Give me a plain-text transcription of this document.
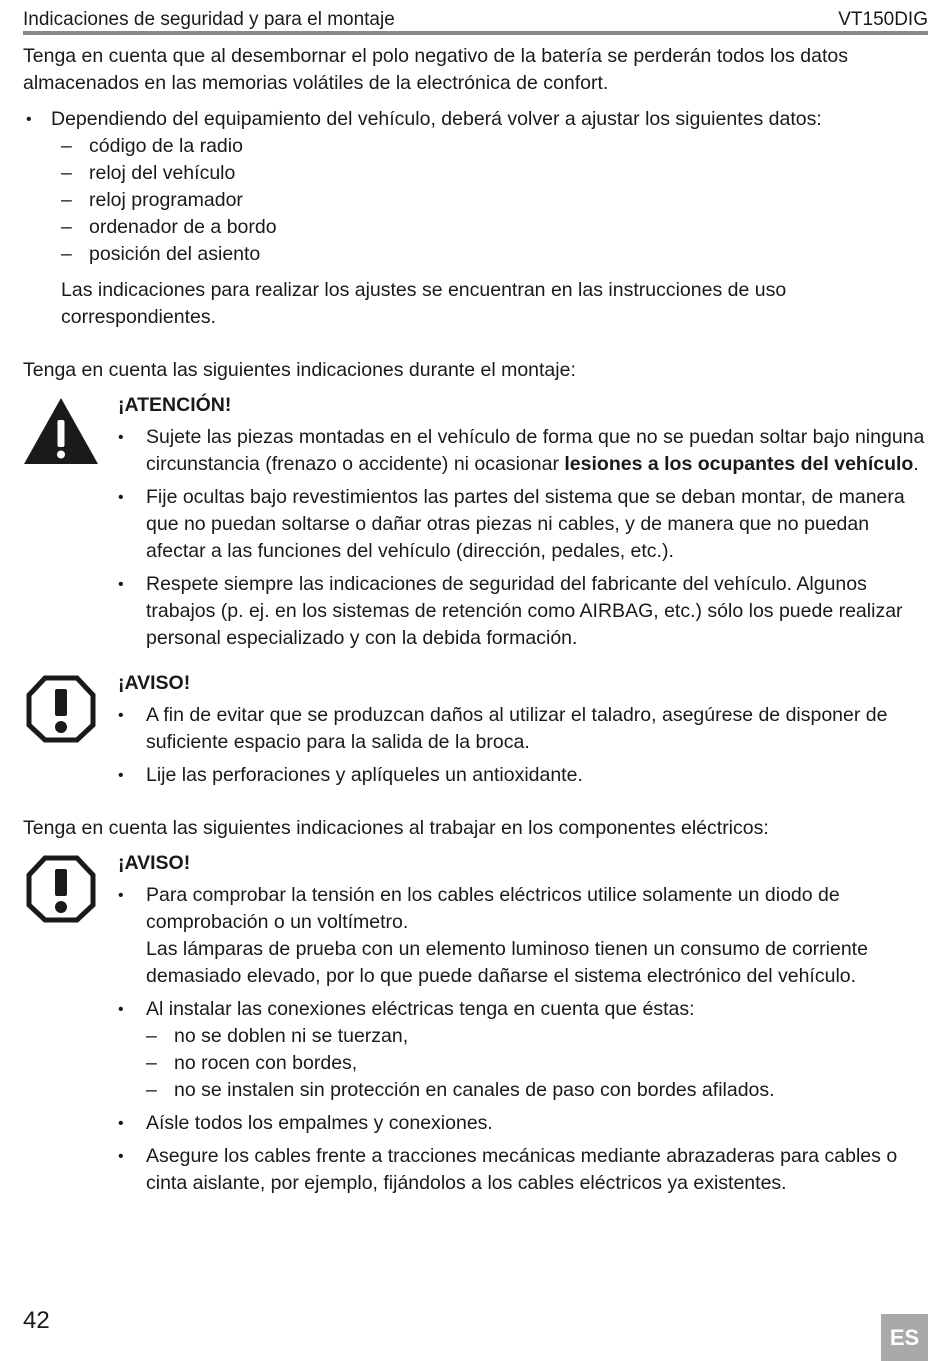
Indicaciones de seguridad y para el montaje	VT150DIG

Tenga en cuenta que al desembornar el polo negativo de la batería se perderán todos los datos almacenados en las memorias volátiles de la electrónica de confort.

• Dependiendo del equipamiento del vehículo, deberá volver a ajustar los siguientes datos:
– código de la radio
– reloj del vehículo
– reloj programador
– ordenador de a bordo
– posición del asiento

Las indicaciones para realizar los ajustes se encuentran en las instrucciones de uso correspondientes.

Tenga en cuenta las siguientes indicaciones durante el montaje:

¡ATENCIÓN!
• Sujete las piezas montadas en el vehículo de forma que no se puedan soltar bajo ninguna circunstancia (frenazo o accidente) ni ocasionar lesiones a los ocupantes del vehículo.
• Fije ocultas bajo revestimientos las partes del sistema que se deban montar, de manera que no puedan soltarse o dañar otras piezas ni cables, y de manera que no puedan afectar a las funciones del vehículo (dirección, pedales, etc.).
• Respete siempre las indicaciones de seguridad del fabricante del vehículo. Algunos trabajos (p. ej. en los sistemas de retención como AIRBAG, etc.) sólo los puede realizar personal especializado y con la debida formación.
¡AVISO!
• A fin de evitar que se produzcan daños al utilizar el taladro, asegúrese de disponer de suficiente espacio para la salida de la broca.
• Lije las perforaciones y aplíqueles un antioxidante.

Tenga en cuenta las siguientes indicaciones al trabajar en los componentes eléctricos:

¡AVISO!
• Para comprobar la tensión en los cables eléctricos utilice solamente un diodo de comprobación o un voltímetro.
Las lámparas de prueba con un elemento luminoso tienen un consumo de corriente demasiado elevado, por lo que puede dañarse el sistema electrónico del vehículo.
• Al instalar las conexiones eléctricas tenga en cuenta que éstas:
– no se doblen ni se tuerzan,
– no rocen con bordes,
– no se instalen sin protección en canales de paso con bordes afilados.
• Aísle todos los empalmes y conexiones.
• Asegure los cables frente a tracciones mecánicas mediante abrazaderas para cables o cinta aislante, por ejemplo, fijándolos a los cables eléctricos ya existentes.
42
ES
